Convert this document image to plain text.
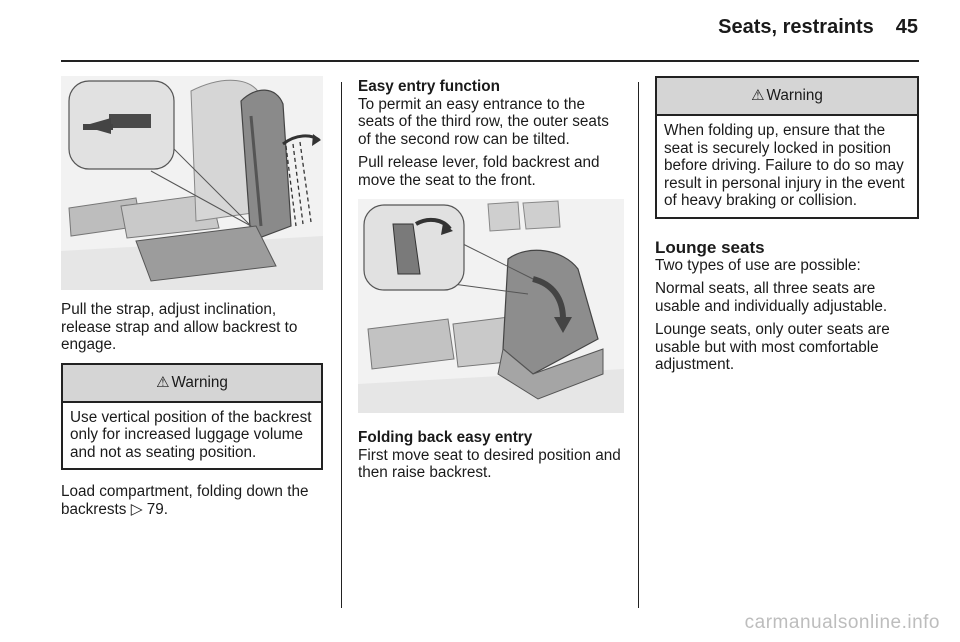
Seats, restraints 45

Pull the strap, adjust inclination, release strap and allow backrest to engage.

⚠ Warning
Use vertical position of the backrest only for increased luggage volume and not as seating position.

Load compartment, folding down the backrests ▷ 79.

Easy entry function

To permit an easy entrance to the seats of the third row, the outer seats of the second row can be tilted.

Pull release lever, fold backrest and move the seat to the front.

Folding back easy entry

First move seat to desired position and then raise backrest.

⚠ Warning
When folding up, ensure that the seat is securely locked in position before driving. Failure to do so may result in personal injury in the event of heavy braking or collision.

Lounge seats

Two types of use are possible:

Normal seats, all three seats are usable and individually adjustable.

Lounge seats, only outer seats are usable but with most comfortable adjustment.

carmanualsonline.info
